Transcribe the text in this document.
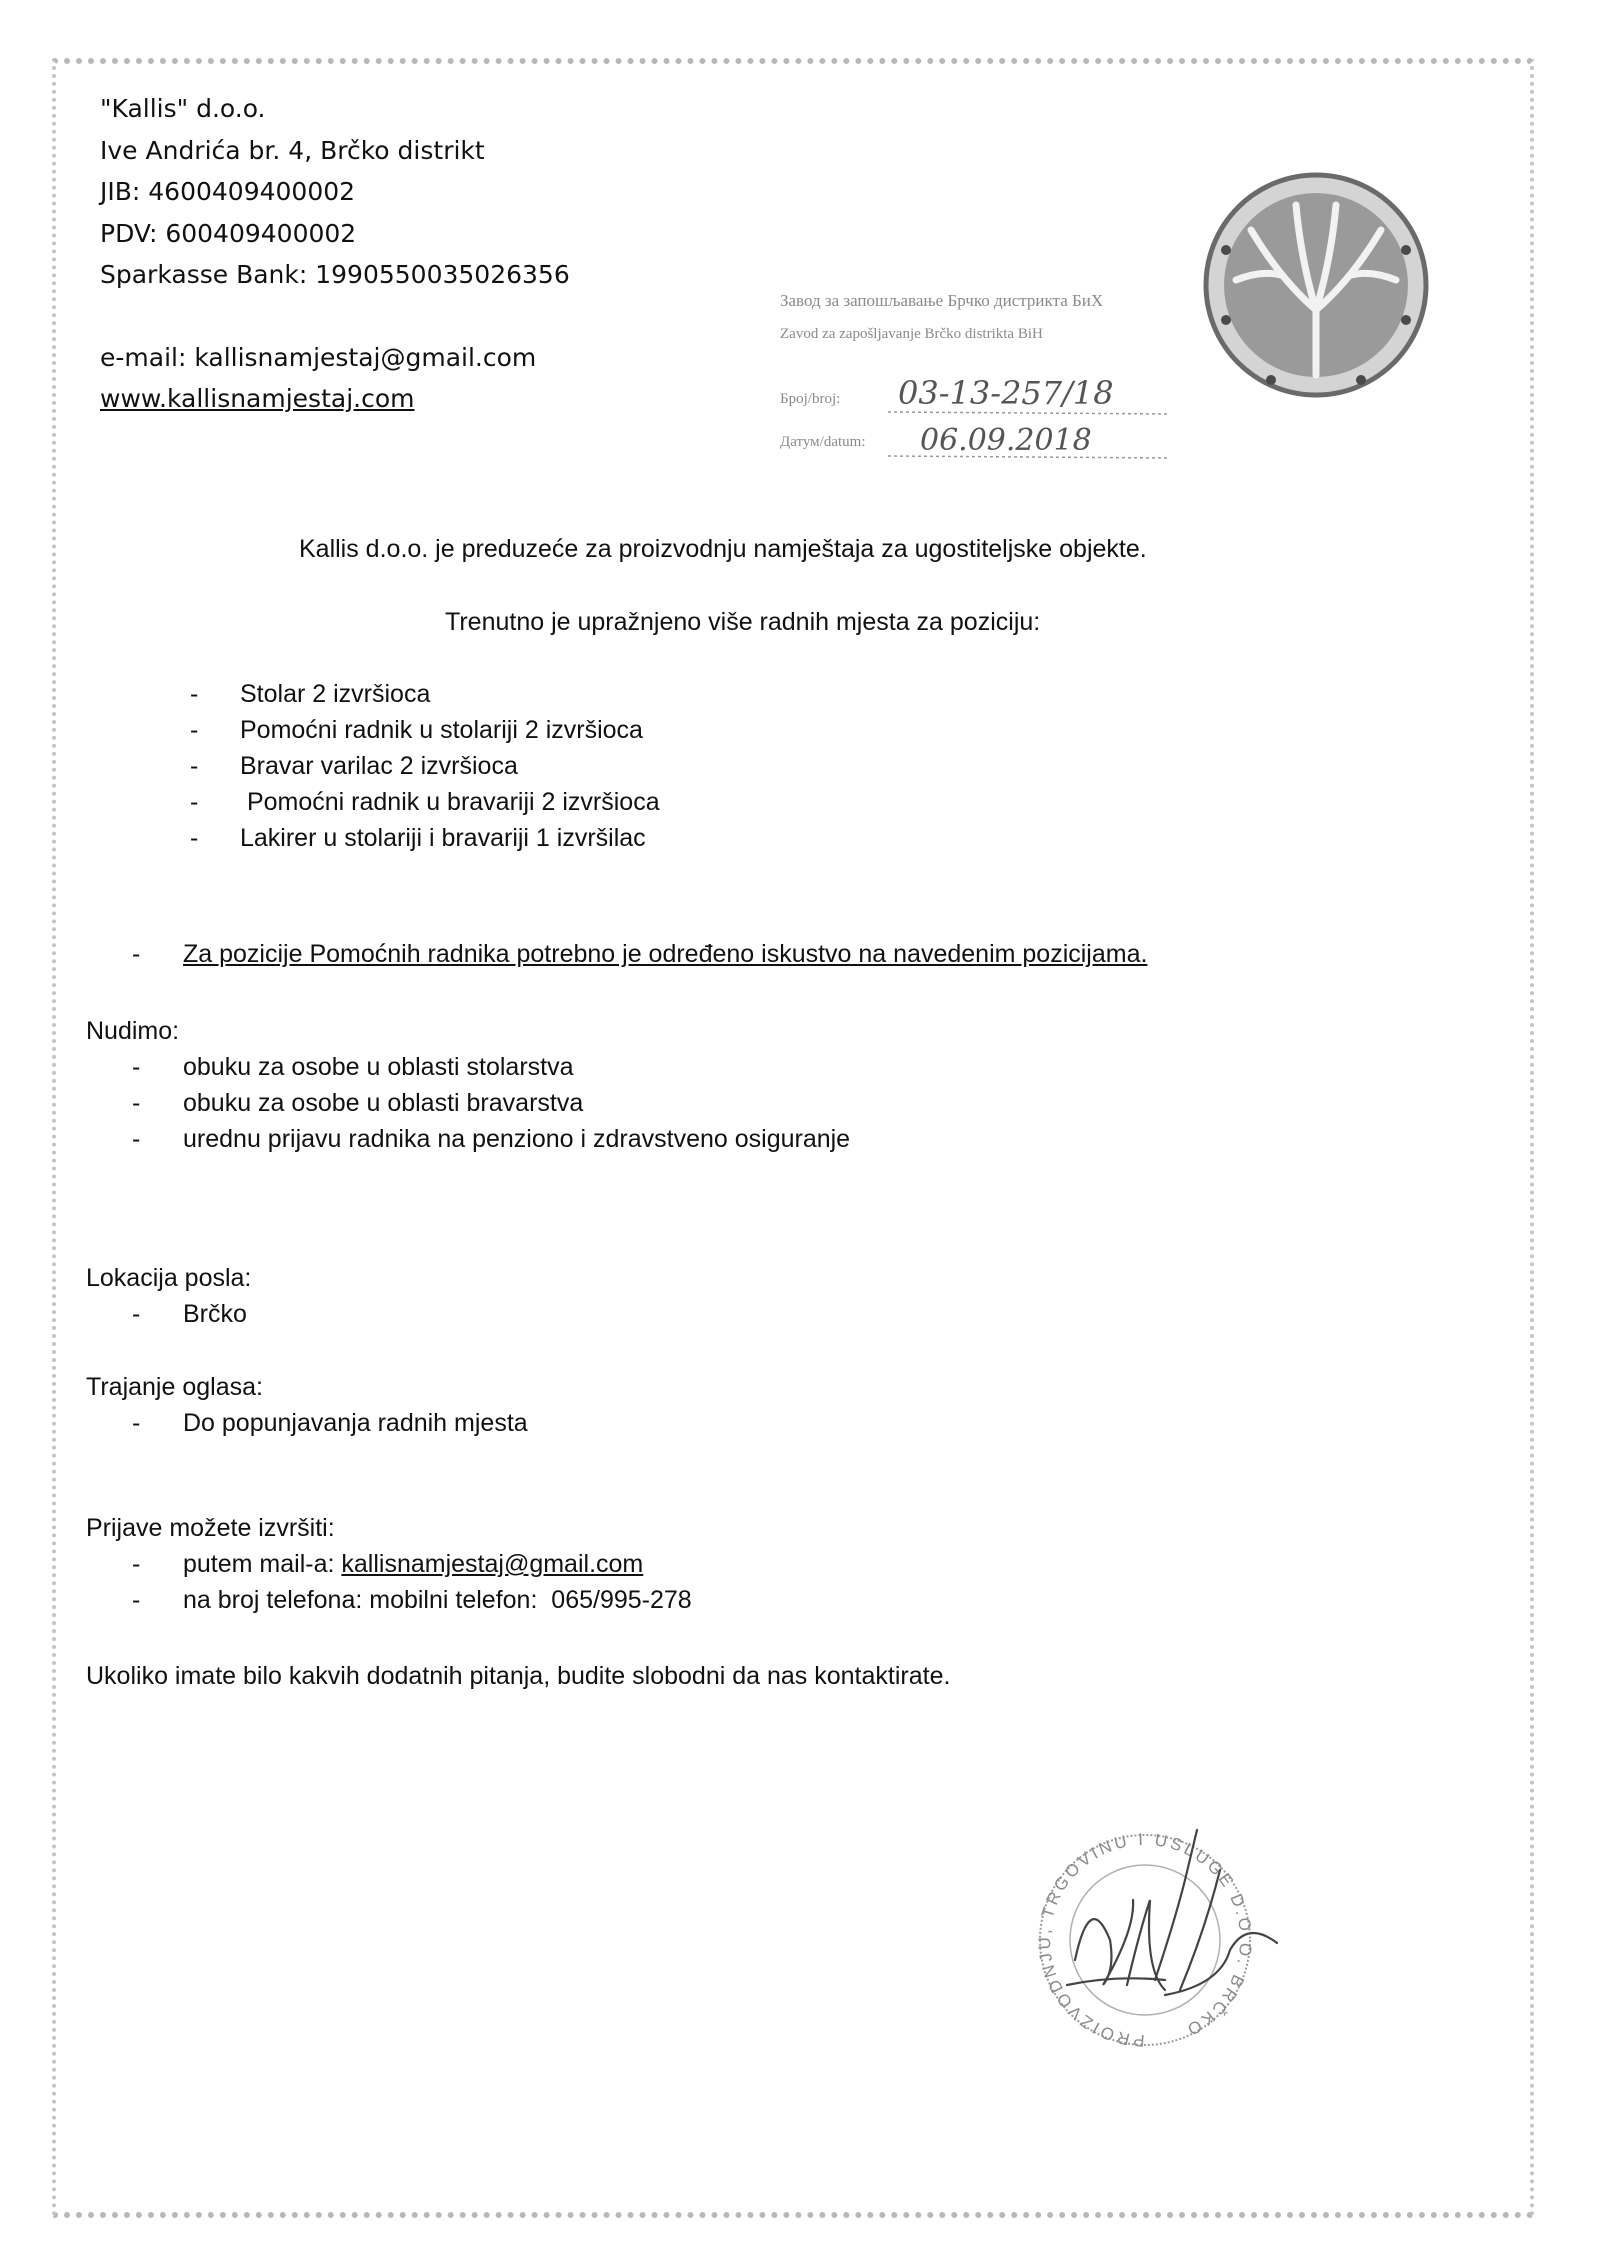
"Kallis" d.o.o.
Ive Andrića br. 4, Brčko distrikt
JIB: 4600409400002
PDV: 600409400002
Sparkasse Bank: 1990550035026356
e-mail: kallisnamjestaj@gmail.com
www.kallisnamjestaj.com
Завод за запошљавање Брчко дистрикта БиХ
Zavod za zapošljavanje Brčko distrikta BiH
Број/broj:
Датум/datum:
03-13-257/18
06.09.2018
Kallis d.o.o. je preduzeće za proizvodnju namještaja za ugostiteljske objekte.
Trenutno je upražnjeno više radnih mjesta za poziciju:
- Stolar 2 izvršioca
- Pomoćni radnik u stolariji 2 izvršioca
- Bravar varilac 2 izvršioca
- Pomoćni radnik u bravariji 2 izvršioca
- Lakirer u stolariji i bravariji 1 izvršilac
- Za pozicije Pomoćnih radnika potrebno je određeno iskustvo na navedenim pozicijama.
Nudimo:
- obuku za osobe u oblasti stolarstva
- obuku za osobe u oblasti bravarstva
- urednu prijavu radnika na penziono i zdravstveno osiguranje
Lokacija posla:
- Brčko
Trajanje oglasa:
- Do popunjavanja radnih mjesta
Prijave možete izvršiti:
- putem mail-a: kallisnamjestaj@gmail.com
- na broj telefona: mobilni telefon:  065/995-278
Ukoliko imate bilo kakvih dodatnih pitanja, budite slobodni da nas kontaktirate.
PROIZVODNJU, TRGOVINU I USLUGE D.O.O. BRČKO
